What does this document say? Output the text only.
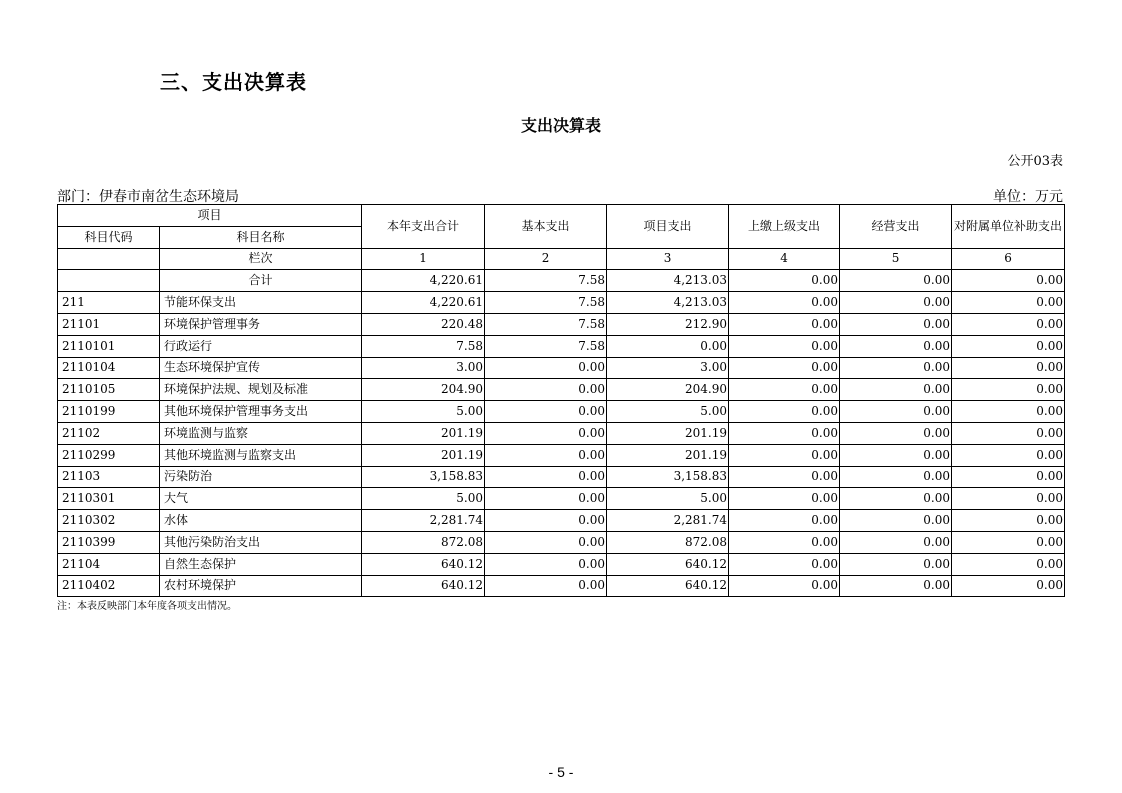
三、支出决算表
支出决算表
公开03表
部门：伊春市南岔生态环境局	单位：万元
项目		本年支出合计	基本支出	项目支出	上缴上级支出	经营支出	对附属单位补助支出
科目代码	科目名称						
	栏次	1	2	3	4	5	6
	合计	4,220.61	7.58	4,213.03	0.00	0.00	0.00
211	节能环保支出	4,220.61	7.58	4,213.03	0.00	0.00	0.00
21101	环境保护管理事务	220.48	7.58	212.90	0.00	0.00	0.00
2110101	行政运行	7.58	7.58	0.00	0.00	0.00	0.00
2110104	生态环境保护宣传	3.00	0.00	3.00	0.00	0.00	0.00
2110105	环境保护法规、规划及标准	204.90	0.00	204.90	0.00	0.00	0.00
2110199	其他环境保护管理事务支出	5.00	0.00	5.00	0.00	0.00	0.00
21102	环境监测与监察	201.19	0.00	201.19	0.00	0.00	0.00
2110299	其他环境监测与监察支出	201.19	0.00	201.19	0.00	0.00	0.00
21103	污染防治	3,158.83	0.00	3,158.83	0.00	0.00	0.00
2110301	大气	5.00	0.00	5.00	0.00	0.00	0.00
2110302	水体	2,281.74	0.00	2,281.74	0.00	0.00	0.00
2110399	其他污染防治支出	872.08	0.00	872.08	0.00	0.00	0.00
21104	自然生态保护	640.12	0.00	640.12	0.00	0.00	0.00
2110402	农村环境保护	640.12	0.00	640.12	0.00	0.00	0.00
注：本表反映部门本年度各项支出情况。
- 5 -
